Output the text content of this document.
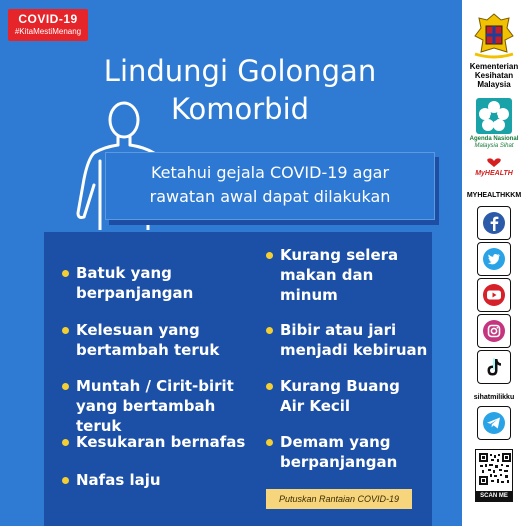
COVID-19
#KitaMestiMenang
Lindungi Golongan
Komorbid
Ketahui gejala COVID-19 agar
rawatan awal dapat dilakukan
Batuk yang
berpanjangan
Kelesuan yang
bertambah teruk
Muntah / Cirit-birit
yang bertambah teruk
Kesukaran bernafas
Nafas laju
Kurang selera
makan dan
minum
Bibir atau jari
menjadi kebiruan
Kurang Buang
Air Kecil
Demam yang
berpanjangan
Putuskan Rantaian COVID-19
Kementerian
Kesihatan
Malaysia
Agenda Nasional
Malaysia Sihat
MyHEALTH
MYHEALTHKKM
sihatmilikku
SCAN ME
